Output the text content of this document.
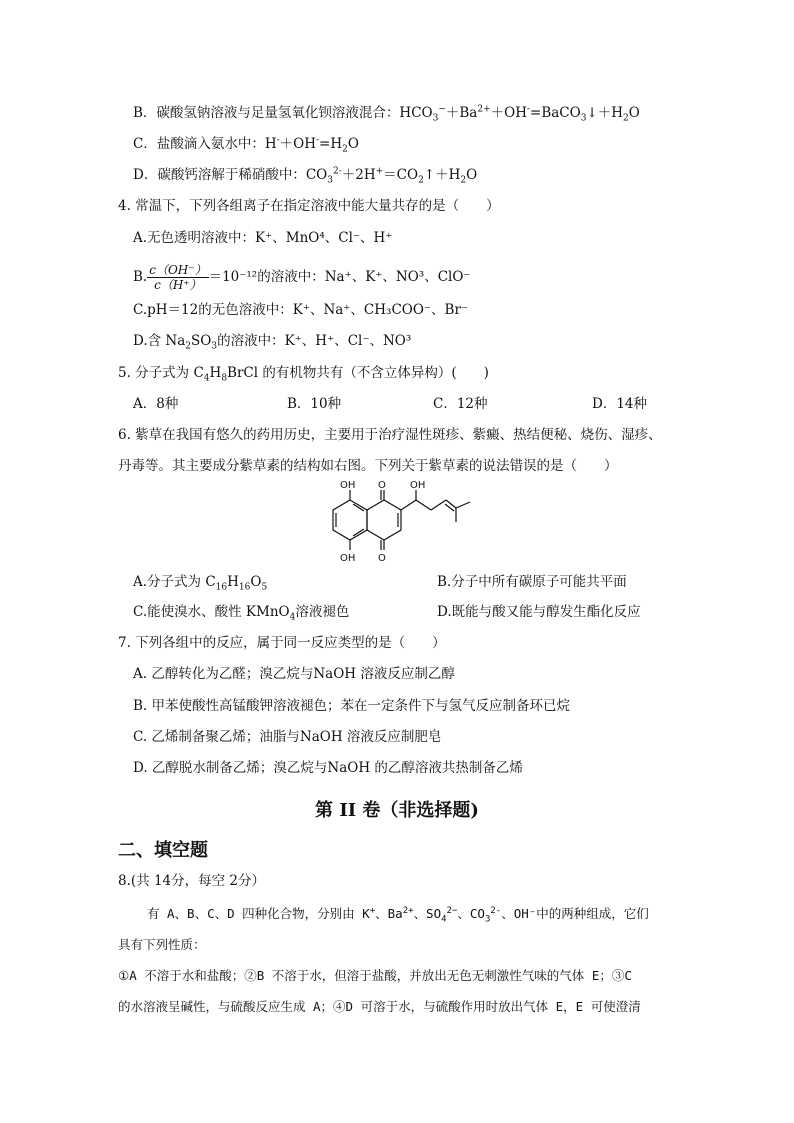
B．碳酸氢钠溶液与足量氢氧化钡溶液混合：$HCO_3^-+Ba^{2+}+OH^-=BaCO_3↓+H_2O$
C．盐酸滴入氨水中：$H^-+OH^-=H_2O$
D．碳酸钙溶解于稀硝酸中：$CO_3^{2-}+2H^+=CO_2↑+H_2O$
4. 常温下，下列各组离子在指定溶液中能大量共存的是（　　）
A.无色透明溶液中：K⁺、MnO⁴、Cl⁻、H⁺
B. $\frac{c(OH^-)}{c(H^+)} =10^{-12}$的溶液中：Na⁺、K⁺、NO³、ClO⁻
C.pH＝12的无色溶液中：K⁺、Na⁺、CH₃COO⁻、Br⁻
D.含 $Na_2SO_3$的溶液中：K⁺、H⁺、Cl⁻、NO³
5. 分子式为 $C_4H_8BrCl$ 的有机物共有（不含立体异构）(　　)
A．8种	B．10种	C．12种	D．14种
6. 紫草在我国有悠久的药用历史，主要用于治疗湿性斑疹、紫癜、热结便秘、烧伤、湿疹、
丹毒等。其主要成分紫草素的结构如右图。下列关于紫草素的说法错误的是（　　）
OH O OH
OH O
A.分子式为 $C_{16}H_{16}O_5$	B.分子中所有碳原子可能共平面
C.能使溴水、酸性 KMnO$_4$溶液褪色	D.既能与酸又能与醇发生酯化反应
7. 下列各组中的反应，属于同一反应类型的是（　　）
A. 乙醇转化为乙醛；溴乙烷与NaOH 溶液反应制乙醇
B. 甲苯使酸性高锰酸钾溶液褪色；苯在一定条件下与氢气反应制备环已烷
C. 乙烯制备聚乙烯；油脂与NaOH 溶液反应制肥皂
D. 乙醇脱水制备乙烯；溴乙烷与NaOH 的乙醇溶液共热制备乙烯
第 II 卷（非选择题)
二、填空题
8.(共 14分，每空 2分）
有 A、B、C、D 四种化合物，分别由 K+、$Ba^{2+}$、$SO_4^{2-}$、$CO_3^{2-}$、OH⁻中的两种组成，它们
具有下列性质：
①A 不溶于水和盐酸；②B 不溶于水，但溶于盐酸，并放出无色无刺激性气味的气体 E；③C
的水溶液呈碱性，与硫酸反应生成 A；④D 可溶于水，与硫酸作用时放出气体 E，E 可使澄清
